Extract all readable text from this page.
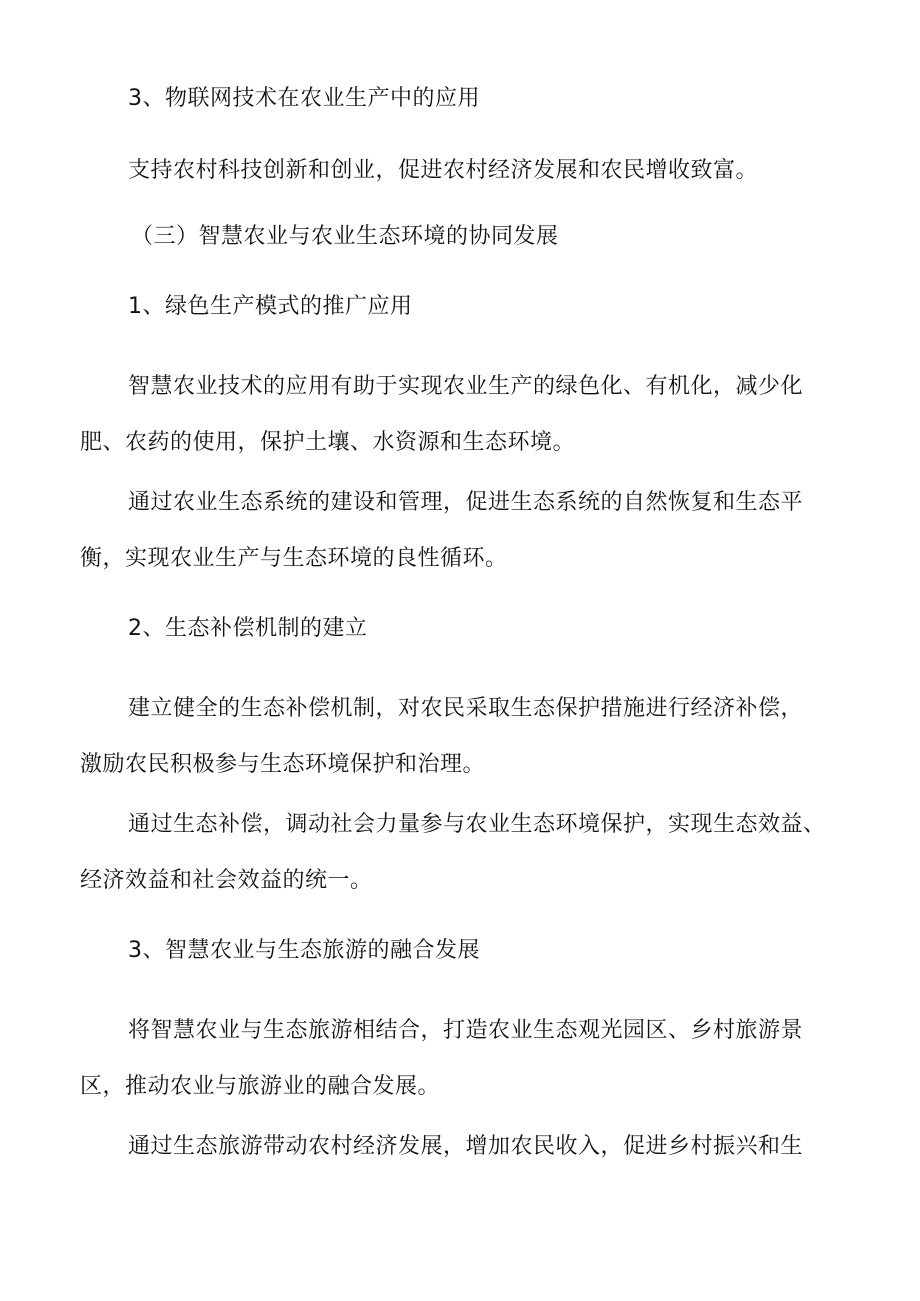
3、物联网技术在农业生产中的应用
支持农村科技创新和创业，促进农村经济发展和农民增收致富。
（三）智慧农业与农业生态环境的协同发展
1、绿色生产模式的推广应用
智慧农业技术的应用有助于实现农业生产的绿色化、有机化，减少化
肥、农药的使用，保护土壤、水资源和生态环境。
通过农业生态系统的建设和管理，促进生态系统的自然恢复和生态平
衡，实现农业生产与生态环境的良性循环。
2、生态补偿机制的建立
建立健全的生态补偿机制，对农民采取生态保护措施进行经济补偿，
激励农民积极参与生态环境保护和治理。
通过生态补偿，调动社会力量参与农业生态环境保护，实现生态效益、
经济效益和社会效益的统一。
3、智慧农业与生态旅游的融合发展
将智慧农业与生态旅游相结合，打造农业生态观光园区、乡村旅游景
区，推动农业与旅游业的融合发展。
通过生态旅游带动农村经济发展，增加农民收入，促进乡村振兴和生
